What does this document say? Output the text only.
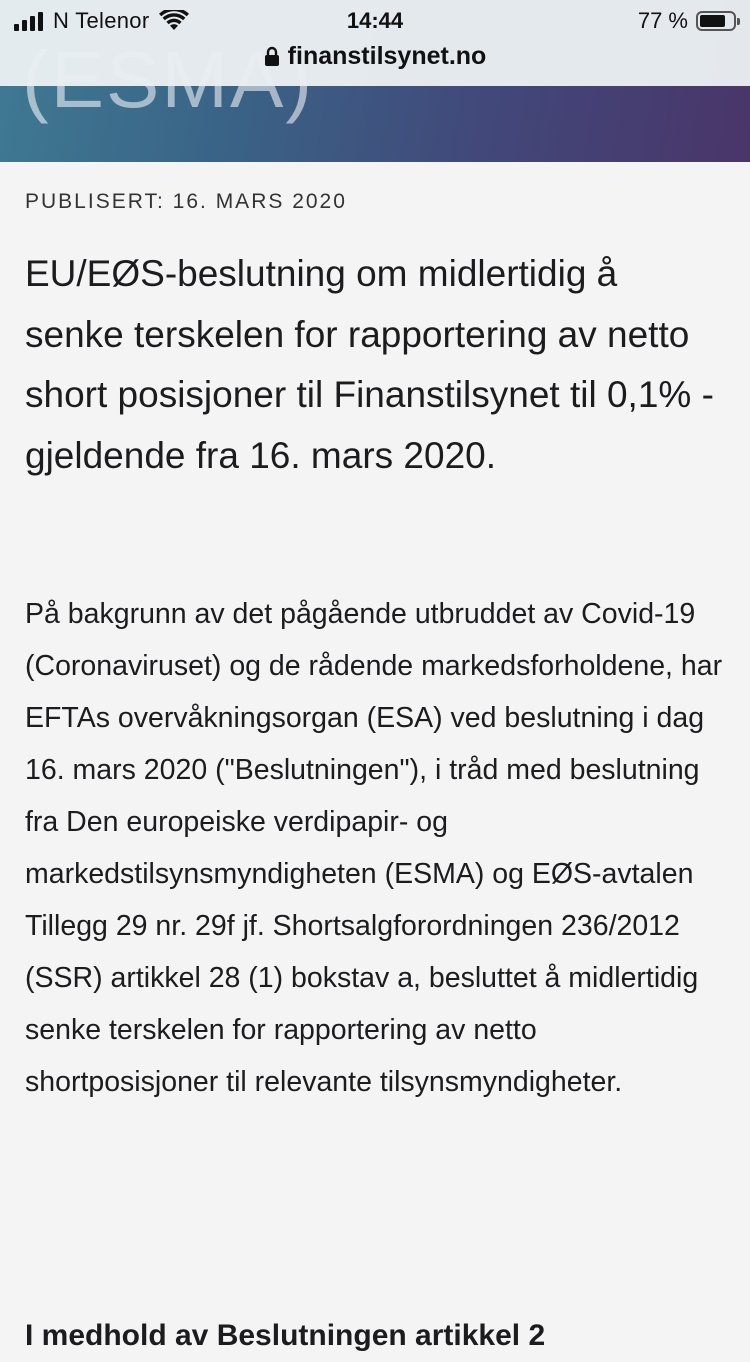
N Telenor	14:44	77 %
finanstilsynet.no
PUBLISERT: 16. MARS 2020
EU/EØS-beslutning om midlertidig å senke terskelen for rapportering av netto short posisjoner til Finanstilsynet til 0,1% - gjeldende fra 16. mars 2020.

På bakgrunn av det pågående utbruddet av Covid-19 (Coronaviruset) og de rådende markedsforholdene, har EFTAs overvåkningsorgan (ESA) ved beslutning i dag 16. mars 2020 ("Beslutningen"), i tråd med beslutning fra Den europeiske verdipapir- og markedstilsynsmyndigheten (ESMA) og EØS-avtalen Tillegg 29 nr. 29f jf. Shortsalgforordningen 236/2012 (SSR) artikkel 28 (1) bokstav a, besluttet å midlertidig senke terskelen for rapportering av netto shortposisjoner til relevante tilsynsmyndigheter.

I medhold av Beslutningen artikkel 2
